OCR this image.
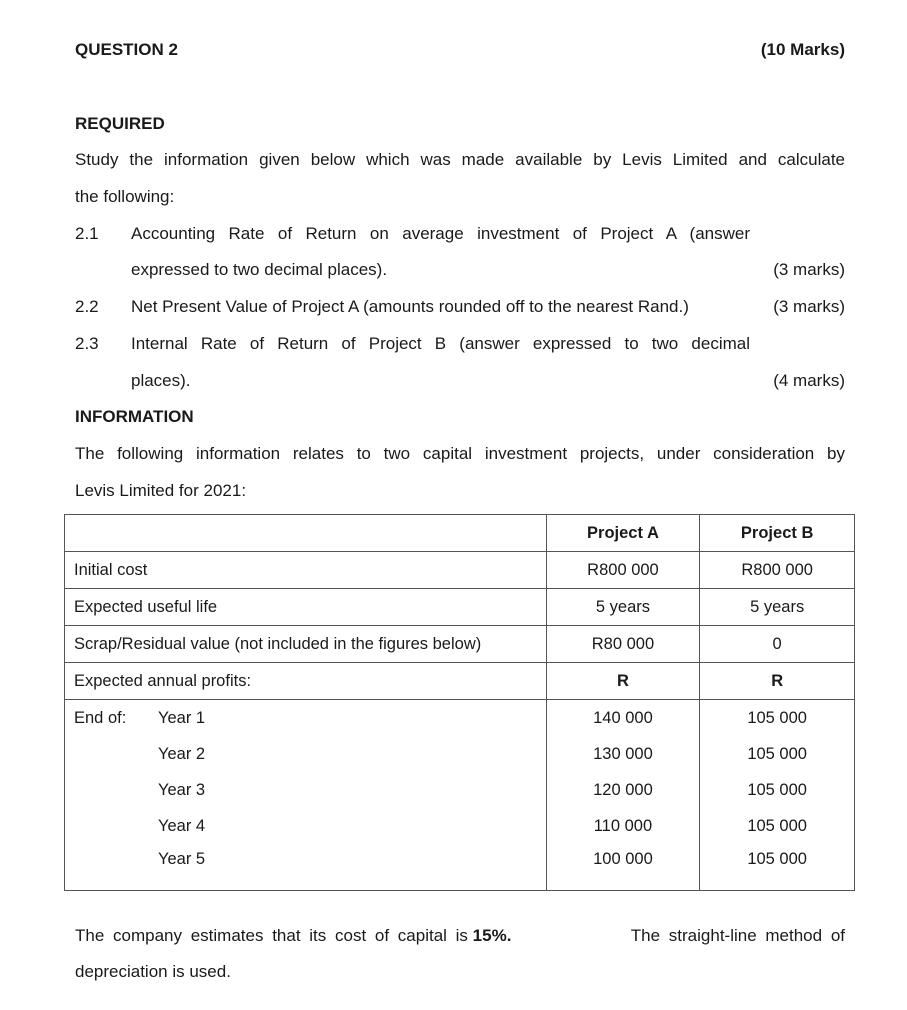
QUESTION 2	(10 Marks)
REQUIRED
Study the information given below which was made available by Levis Limited and calculate
the following:
2.1 Accounting Rate of Return on average investment of Project A (answer
expressed to two decimal places).	(3 marks)
2.2 Net Present Value of Project A (amounts rounded off to the nearest Rand.)	(3 marks)
2.3 Internal Rate of Return of Project B (answer expressed to two decimal
places).	(4 marks)
INFORMATION
The following information relates to two capital investment projects, under consideration by
Levis Limited for 2021:
	Project A	Project B
Initial cost	R800 000	R800 000
Expected useful life	5 years	5 years
Scrap/Residual value (not included in the figures below)	R80 000	0
Expected annual profits:	R	R
End of: Year 1	140 000	105 000
Year 2	130 000	105 000
Year 3	120 000	105 000
Year 4	110 000	105 000
Year 5	100 000	105 000
The company estimates that its cost of capital is 15%.	The straight-line method of
depreciation is used.
